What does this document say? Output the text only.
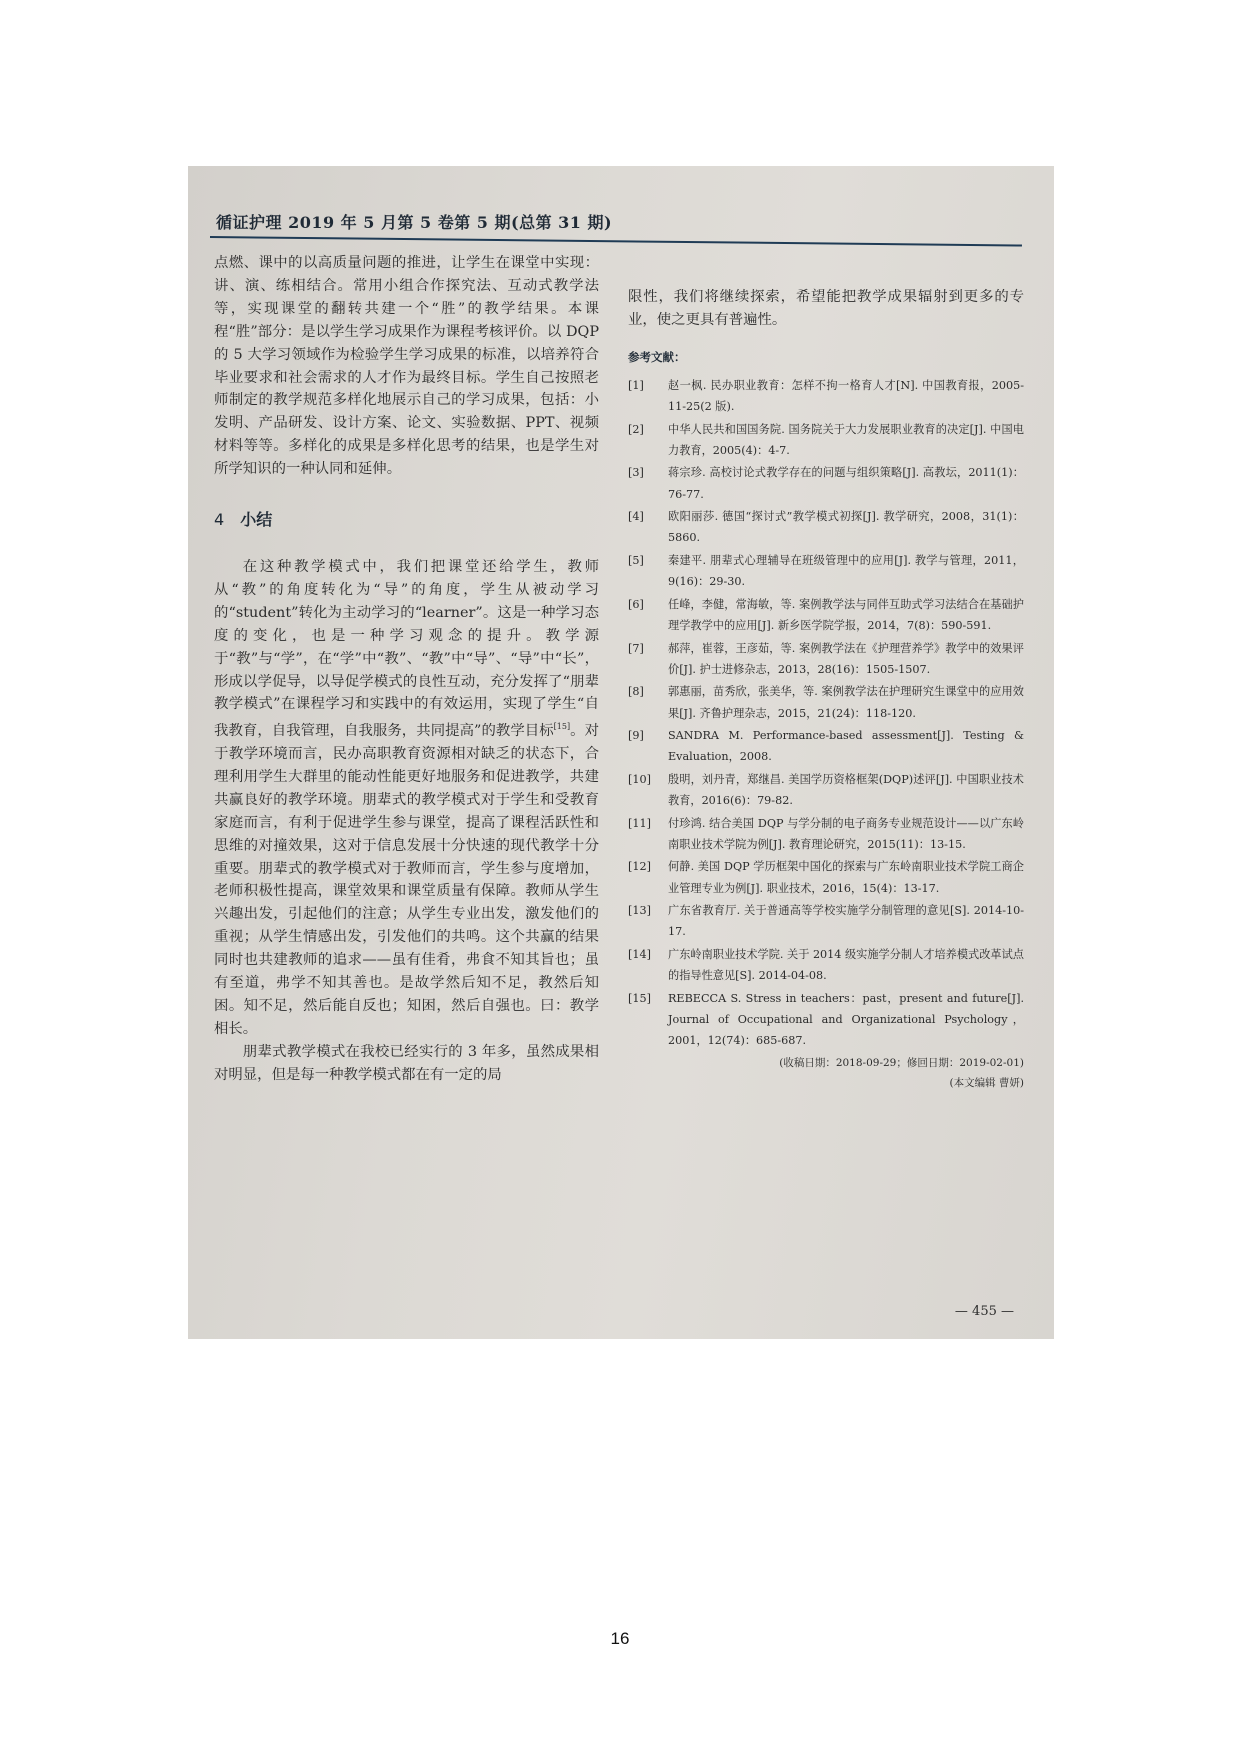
循证护理 2019 年 5 月第 5 卷第 5 期(总第 31 期)

点燃、课中的以高质量问题的推进，让学生在课堂中实现：讲、演、练相结合。常用小组合作探究法、互动式教学法等，实现课堂的翻转共建一个“胜”的教学结果。本课程“胜”部分：是以学生学习成果作为课程考核评价。以 DQP 的 5 大学习领域作为检验学生学习成果的标准，以培养符合毕业要求和社会需求的人才作为最终目标。学生自己按照老师制定的教学规范多样化地展示自己的学习成果，包括：小发明、产品研发、设计方案、论文、实验数据、PPT、视频材料等等。多样化的成果是多样化思考的结果，也是学生对所学知识的一种认同和延伸。

4 小结

在这种教学模式中，我们把课堂还给学生，教师从“教”的角度转化为“导”的角度，学生从被动学习的“student”转化为主动学习的“learner”。这是一种学习态度的变化，也是一种学习观念的提升。教学源于“教”与“学”，在“学”中“教”、“教”中“导”、“导”中“长”，形成以学促导，以导促学模式的良性互动，充分发挥了“朋辈教学模式”在课程学习和实践中的有效运用，实现了学生“自我教育，自我管理，自我服务，共同提高”的教学目标[15]。对于教学环境而言，民办高职教育资源相对缺乏的状态下，合理利用学生大群里的能动性能更好地服务和促进教学，共建共赢良好的教学环境。朋辈式的教学模式对于学生和受教育家庭而言，有利于促进学生参与课堂，提高了课程活跃性和思维的对撞效果，这对于信息发展十分快速的现代教学十分重要。朋辈式的教学模式对于教师而言，学生参与度增加，老师积极性提高，课堂效果和课堂质量有保障。教师从学生兴趣出发，引起他们的注意；从学生专业出发，激发他们的重视；从学生情感出发，引发他们的共鸣。这个共赢的结果同时也共建教师的追求——虽有佳肴，弗食不知其旨也；虽有至道，弗学不知其善也。是故学然后知不足，教然后知困。知不足，然后能自反也；知困，然后自强也。曰：教学相长。

朋辈式教学模式在我校已经实行的 3 年多，虽然成果相对明显，但是每一种教学模式都在有一定的局

限性，我们将继续探索，希望能把教学成果辐射到更多的专业，使之更具有普遍性。

参考文献：
[1]	赵一枫. 民办职业教育：怎样不拘一格育人才[N]. 中国教育报，2005-11-25(2 版).
[2]	中华人民共和国国务院. 国务院关于大力发展职业教育的决定[J]. 中国电力教育，2005(4)：4-7.
[3]	蒋宗珍. 高校讨论式教学存在的问题与组织策略[J]. 高教坛，2011(1)：76-77.
[4]	欧阳丽莎. 德国“探讨式”教学模式初探[J]. 教学研究，2008，31(1)：5860.
[5]	秦建平. 朋辈式心理辅导在班级管理中的应用[J]. 教学与管理，2011，9(16)：29-30.
[6]	任峰，李健，常海敏，等. 案例教学法与同伴互助式学习法结合在基础护理学教学中的应用[J]. 新乡医学院学报，2014，7(8)：590-591.
[7]	郝萍，崔蓉，王彦茹，等. 案例教学法在《护理营养学》教学中的效果评价[J]. 护士进修杂志，2013，28(16)：1505-1507.
[8]	郭惠丽，苗秀欣，张美华，等. 案例教学法在护理研究生课堂中的应用效果[J]. 齐鲁护理杂志，2015，21(24)：118-120.
[9]	SANDRA M. Performance-based assessment[J]. Testing & Evaluation，2008.
[10]	殷明，刘丹青，郑继昌. 美国学历资格框架(DQP)述评[J]. 中国职业技术教育，2016(6)：79-82.
[11]	付珍鸿. 结合美国 DQP 与学分制的电子商务专业规范设计——以广东岭南职业技术学院为例[J]. 教育理论研究，2015(11)：13-15.
[12]	何静. 美国 DQP 学历框架中国化的探索与广东岭南职业技术学院工商企业管理专业为例[J]. 职业技术，2016，15(4)：13-17.
[13]	广东省教育厅. 关于普通高等学校实施学分制管理的意见[S]. 2014-10-17.
[14]	广东岭南职业技术学院. 关于 2014 级实施学分制人才培养模式改革试点的指导性意见[S]. 2014-04-08.
[15]	REBECCA S. Stress in teachers：past，present and future[J]. Journal of Occupational and Organizational Psychology，2001，12(74)：685-687.
(收稿日期：2018-09-29；修回日期：2019-02-01)
(本文编辑 曹妍)
— 455 —
16
